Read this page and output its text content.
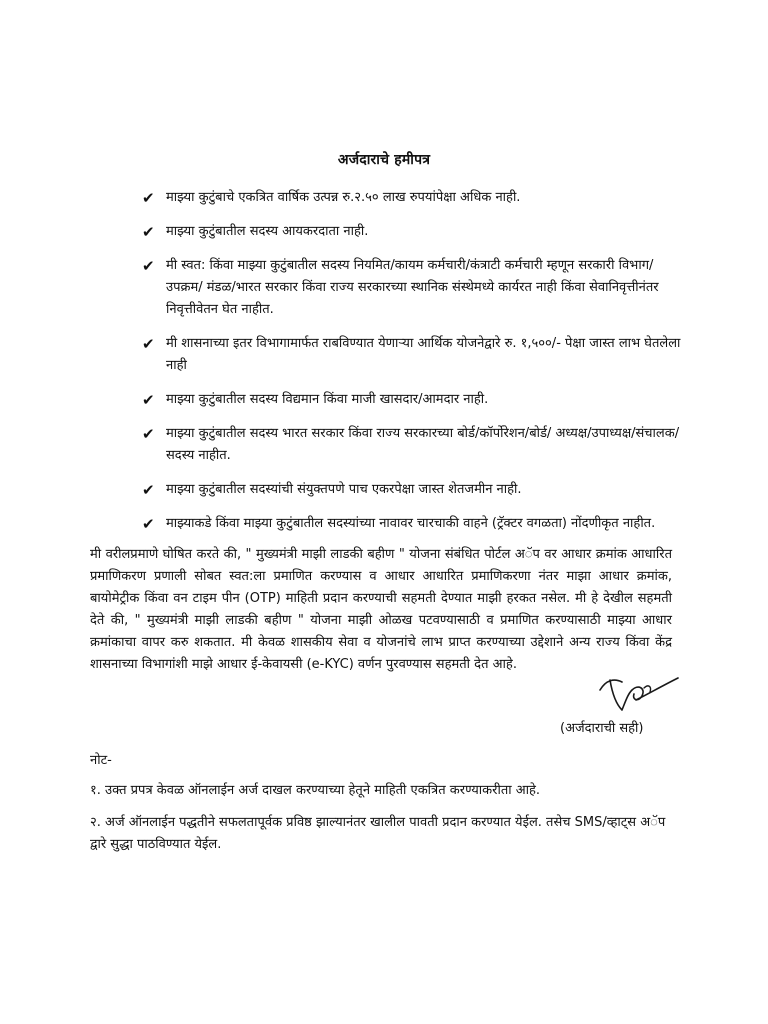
अर्जदाराचे हमीपत्र
✔ माझ्या कुटुंबाचे एकत्रित वार्षिक उत्पन्न रु.२.५० लाख रुपयांपेक्षा अधिक नाही.
✔ माझ्या कुटुंबातील सदस्य आयकरदाता नाही.
✔ मी स्वत: किंवा माझ्या कुटुंबातील सदस्य नियमित/कायम कर्मचारी/कंत्राटी कर्मचारी म्हणून सरकारी विभाग/ उपक्रम/ मंडळ/भारत सरकार किंवा राज्य सरकारच्या स्थानिक संस्थेमध्ये कार्यरत नाही किंवा सेवानिवृत्तीनंतर निवृत्तीवेतन घेत नाहीत.
✔ मी शासनाच्या इतर विभागामार्फत राबविण्यात येणाऱ्या आर्थिक योजनेद्वारे रु. १,५००/- पेक्षा जास्त लाभ घेतलेला नाही
✔ माझ्या कुटुंबातील सदस्य विद्यमान किंवा माजी खासदार/आमदार नाही.
✔ माझ्या कुटुंबातील सदस्य भारत सरकार किंवा राज्य सरकारच्या बोर्ड/कॉर्पोरेशन/बोर्ड/ अध्यक्ष/उपाध्यक्ष/संचालक/सदस्य नाहीत.
✔ माझ्या कुटुंबातील सदस्यांची संयुक्तपणे पाच एकरपेक्षा जास्त शेतजमीन नाही.
✔ माझ्याकडे किंवा माझ्या कुटुंबातील सदस्यांच्या नावावर चारचाकी वाहने (ट्रॅक्टर वगळता) नोंदणीकृत नाहीत.

मी वरीलप्रमाणे घोषित करते की, " मुख्यमंत्री माझी लाडकी बहीण " योजना संबंधित पोर्टल अॅप वर आधार क्रमांक आधारित प्रमाणिकरण प्रणाली सोबत स्वत:ला प्रमाणित करण्यास व आधार आधारित प्रमाणिकरणा नंतर माझा आधार क्रमांक, बायोमेट्रीक किंवा वन टाइम पीन (OTP) माहिती प्रदान करण्याची सहमती देण्यात माझी हरकत नसेल. मी हे देखील सहमती देते की, " मुख्यमंत्री माझी लाडकी बहीण " योजना माझी ओळख पटवण्यासाठी व प्रमाणित करण्यासाठी माझ्या आधार क्रमांकाचा वापर करु शकतात. मी केवळ शासकीय सेवा व योजनांचे लाभ प्राप्त करण्याच्या उद्देशाने अन्य राज्य किंवा केंद्र शासनाच्या विभागांशी माझे आधार ई-केवायसी (e-KYC) वर्णन पुरवण्यास सहमती देत आहे.

(अर्जदाराची सही)
नोट-

१. उक्त प्रपत्र केवळ ऑनलाईन अर्ज दाखल करण्याच्या हेतूने माहिती एकत्रित करण्याकरीता आहे.

२. अर्ज ऑनलाईन पद्धतीने सफलतापूर्वक प्रविष्ठ झाल्यानंतर खालील पावती प्रदान करण्यात येईल. तसेच SMS/व्हाट्स अॅप द्वारे सुद्धा पाठविण्यात येईल.
